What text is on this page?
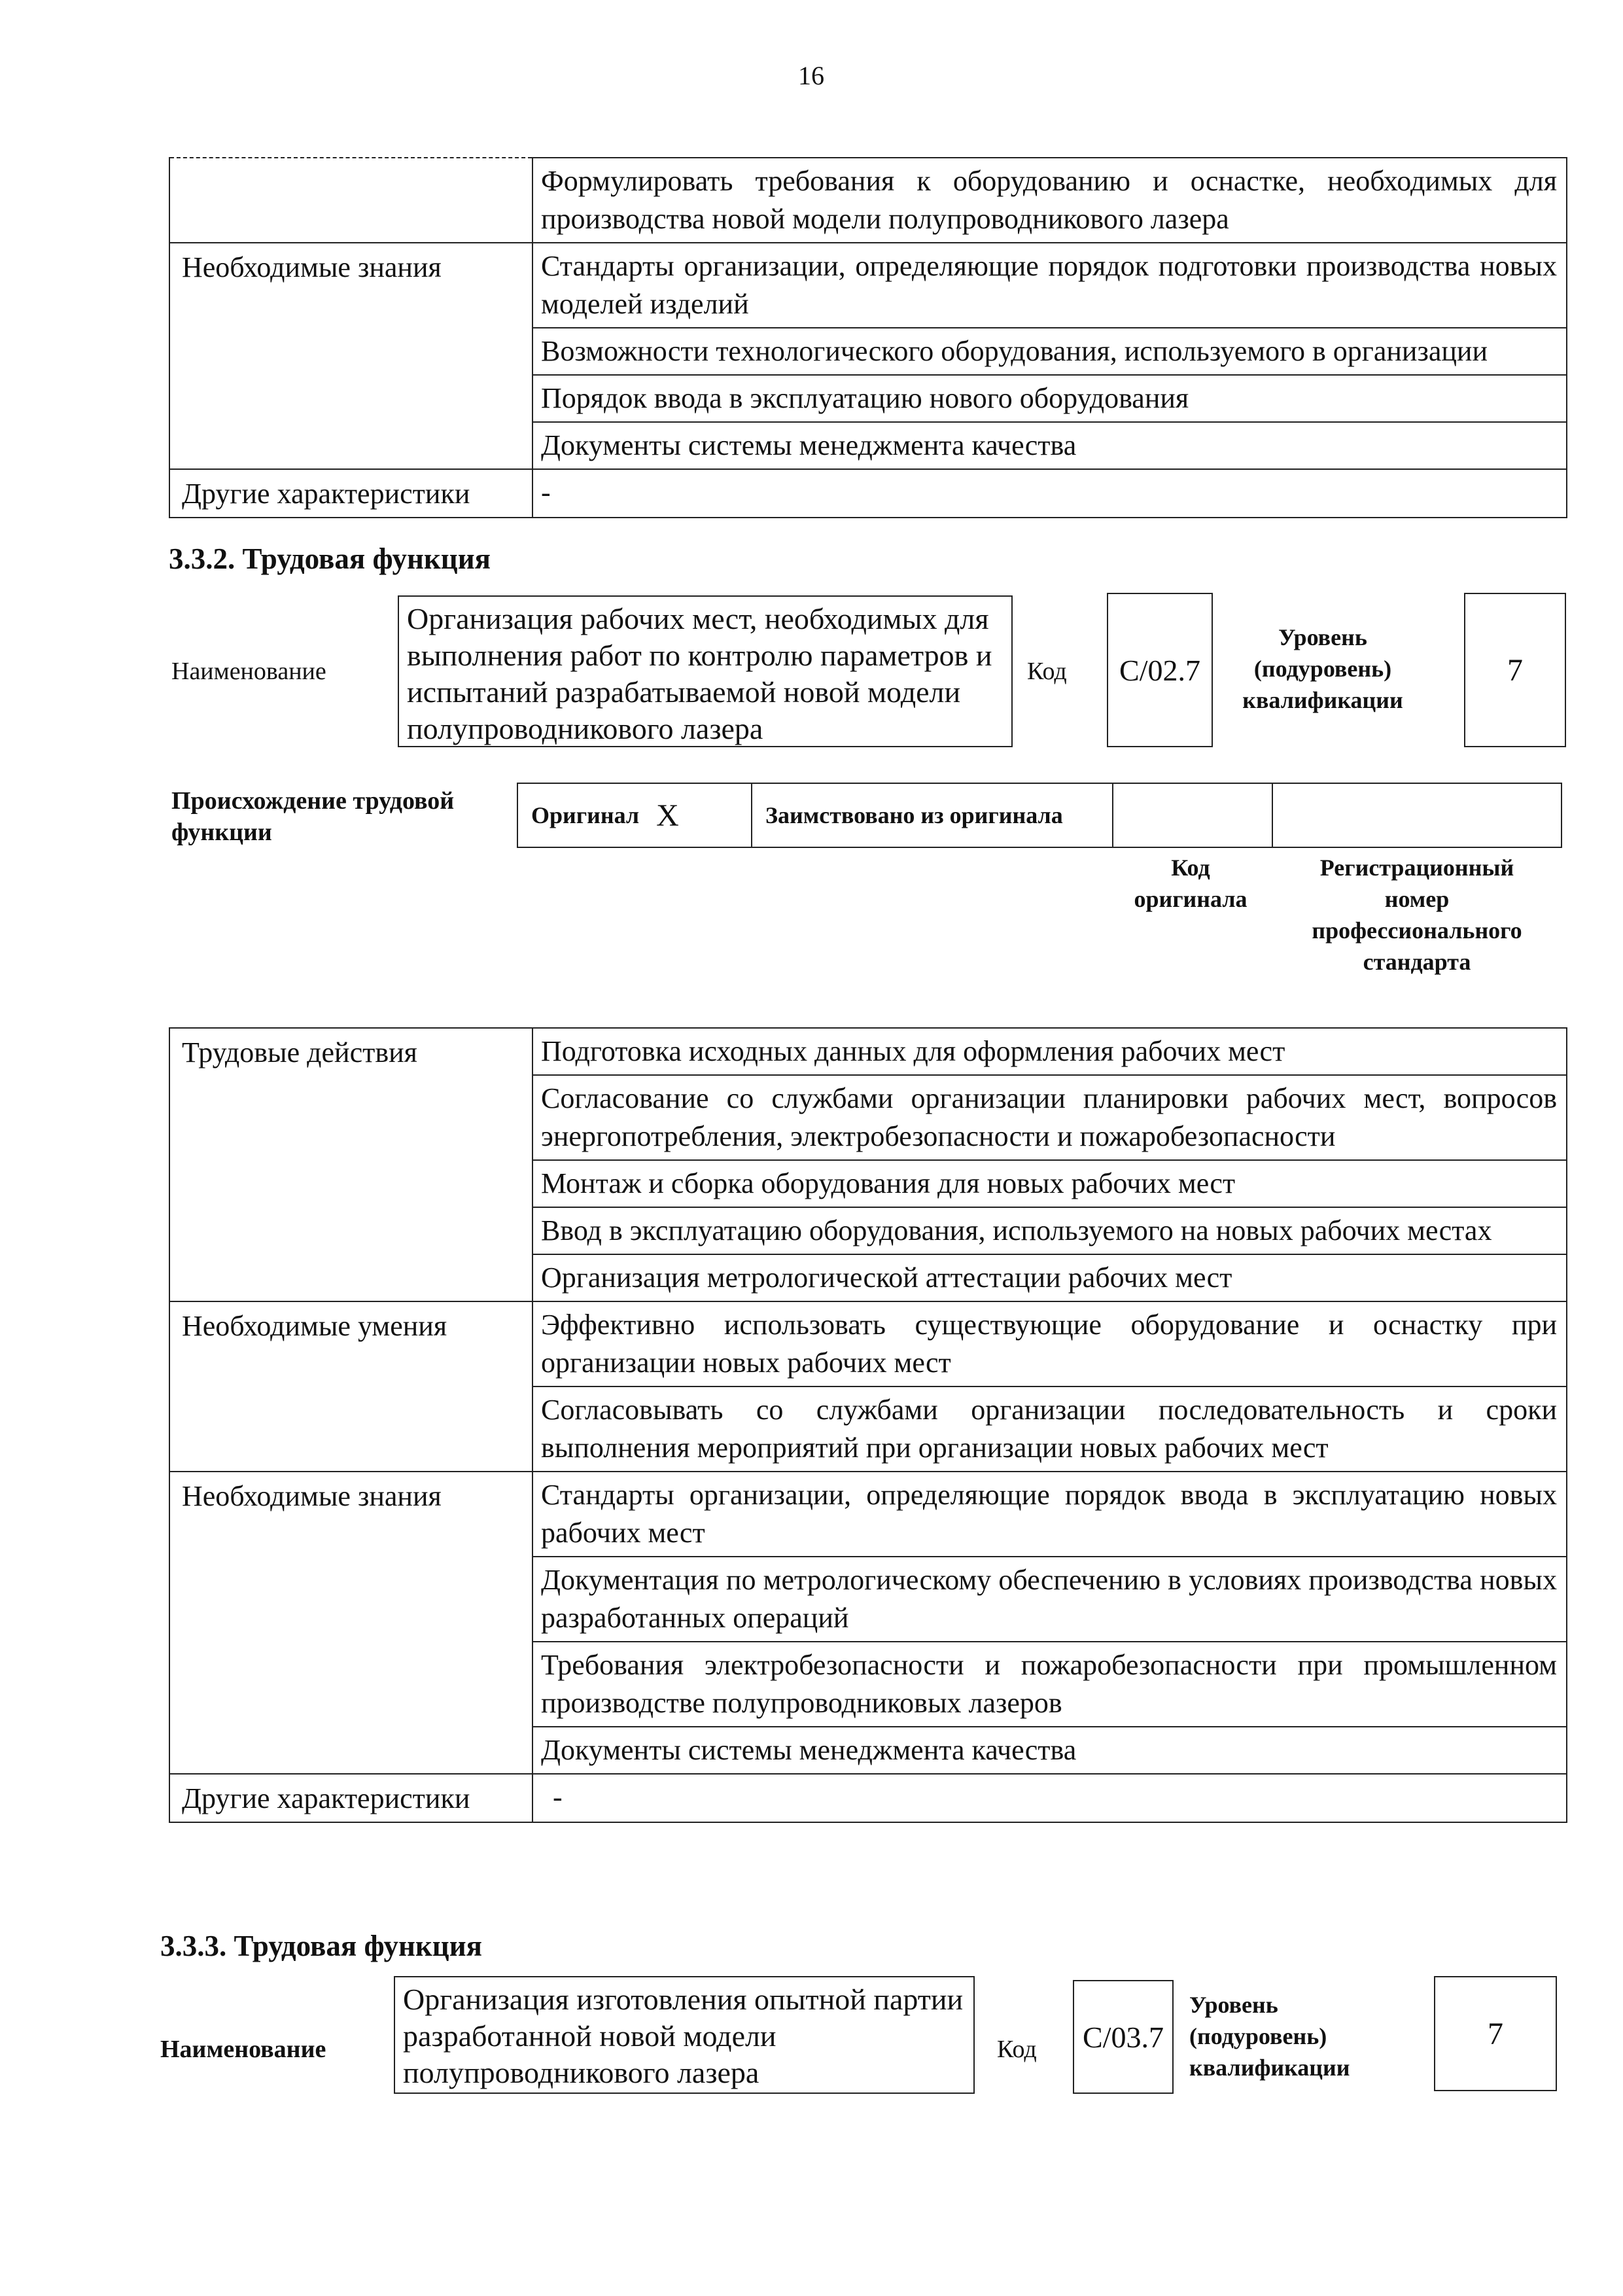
16
	Формулировать требования к оборудованию и оснастке, необходимых для производства новой модели полупроводникового лазера
Необходимые знания	Стандарты организации, определяющие порядок подготовки производства новых моделей изделий
	Возможности технологического оборудования, используемого в организации
	Порядок ввода в эксплуатацию нового оборудования
	Документы системы менеджмента качества
Другие характеристики	-
3.3.2. Трудовая функция
Наименование
Организация рабочих мест, необходимых для выполнения работ по контролю параметров и испытаний разрабатываемой новой модели полупроводникового лазера
Код	C/02.7
Уровень (подуровень) квалификации
7
Происхождение трудовой функции
Оригинал X	Заимствовано из оригинала
Код оригинала
Регистрационный номер профессионального стандарта
Трудовые действия	Подготовка исходных данных для оформления рабочих мест
	Согласование со службами организации планировки рабочих мест, вопросов энергопотребления, электробезопасности и пожаробезопасности
	Монтаж и сборка оборудования для новых рабочих мест
	Ввод в эксплуатацию оборудования, используемого на новых рабочих местах
	Организация метрологической аттестации рабочих мест
Необходимые умения	Эффективно использовать существующие оборудование и оснастку при организации новых рабочих мест
	Согласовывать со службами организации последовательность и сроки выполнения мероприятий при организации новых рабочих мест
Необходимые знания	Стандарты организации, определяющие порядок ввода в эксплуатацию новых рабочих мест
	Документация по метрологическому обеспечению в условиях производства новых разработанных операций
	Требования электробезопасности и пожаробезопасности при промышленном производстве полупроводниковых лазеров
	Документы системы менеджмента качества
Другие характеристики	-
3.3.3. Трудовая функция
Наименование
Организация изготовления опытной партии разработанной новой модели полупроводникового лазера
Код	C/03.7
Уровень (подуровень) квалификации
7
